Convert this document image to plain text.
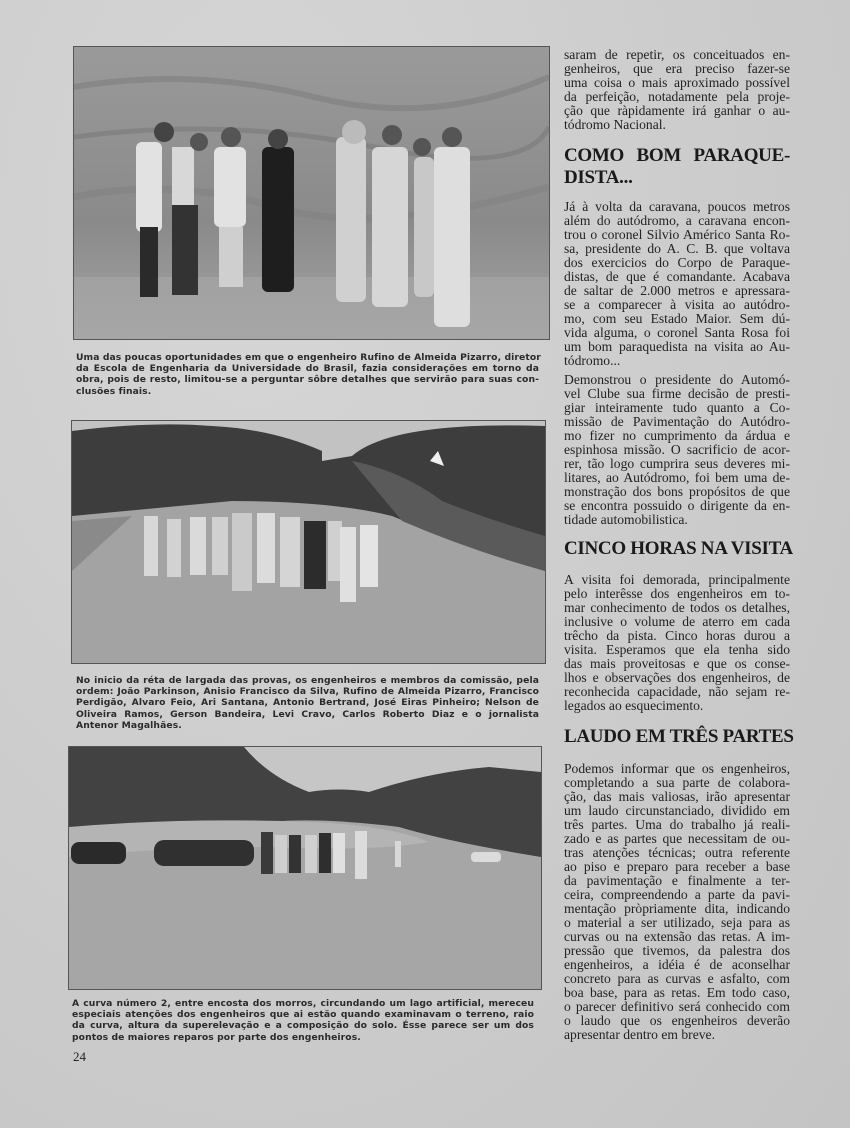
Uma das poucas oportunidades em que o engenheiro Rufino de Almeida Pizarro, diretor
da Escola de Engenharia da Universidade do Brasil, fazia considerações em torno da
obra, pois de resto, limitou-se a perguntar sôbre detalhes que servirão para suas con-
clusões finais.
No inicio da réta de largada das provas, os engenheiros e membros da comissão, pela
ordem: João Parkinson, Anisio Francisco da Silva, Rufino de Almeida Pizarro, Francisco
Perdigão, Alvaro Feio, Ari Santana, Antonio Bertrand, José Eiras Pinheiro; Nelson de
Oliveira Ramos, Gerson Bandeira, Levi Cravo, Carlos Roberto Diaz e o jornalista
Antenor Magalhães.
A curva número 2, entre encosta dos morros, circundando um lago artificial, mereceu
especiais atenções dos engenheiros que ai estão quando examinavam o terreno, raio
da curva, altura da superelevação e a composição do solo. Ésse parece ser um dos
pontos de maiores reparos por parte dos engenheiros.
24
saram de repetir, os conceituados en-
genheiros, que era preciso fazer-se
uma coisa o mais aproximado possível
da perfeição, notadamente pela proje-
ção que ràpidamente irá ganhar o au-
tódromo Nacional.
COMO BOM PARAQUE-
DISTA...
Já à volta da caravana, poucos metros
além do autódromo, a caravana encon-
trou o coronel Silvio Américo Santa Ro-
sa, presidente do A. C. B. que voltava
dos exercicios do Corpo de Paraque-
distas, de que é comandante. Acabava
de saltar de 2.000 metros e apressara-
se a comparecer à visita ao autódro-
mo, com seu Estado Maior. Sem dú-
vida alguma, o coronel Santa Rosa foi
um bom paraquedista na visita ao Au-
tódromo...
Demonstrou o presidente do Automó-
vel Clube sua firme decisão de presti-
giar inteiramente tudo quanto a Co-
missão de Pavimentação do Autódro-
mo fizer no cumprimento da árdua e
espinhosa missão. O sacrificio de acor-
rer, tão logo cumprira seus deveres mi-
litares, ao Autódromo, foi bem uma de-
monstração dos bons propósitos de que
se encontra possuido o dirigente da en-
tidade automobilistica.
CINCO HORAS NA VISITA
A visita foi demorada, principalmente
pelo interêsse dos engenheiros em to-
mar conhecimento de todos os detalhes,
inclusive o volume de aterro em cada
trêcho da pista. Cinco horas durou a
visita. Esperamos que ela tenha sido
das mais proveitosas e que os conse-
lhos e observações dos engenheiros, de
reconhecida capacidade, não sejam re-
legados ao esquecimento.
LAUDO EM TRÊS PARTES
Podemos informar que os engenheiros,
completando a sua parte de colabora-
ção, das mais valiosas, irão apresentar
um laudo circunstanciado, dividido em
três partes. Uma do trabalho já reali-
zado e as partes que necessitam de ou-
tras atenções técnicas; outra referente
ao piso e preparo para receber a base
da pavimentação e finalmente a ter-
ceira, compreendendo a parte da pavi-
mentação pròpriamente dita, indicando
o material a ser utilizado, seja para as
curvas ou na extensão das retas. A im-
pressão que tivemos, da palestra dos
engenheiros, a idéia é de aconselhar
concreto para as curvas e asfalto, com
boa base, para as retas. Em todo caso,
o parecer definitivo será conhecido com
o laudo que os engenheiros deverão
apresentar dentro em breve.
